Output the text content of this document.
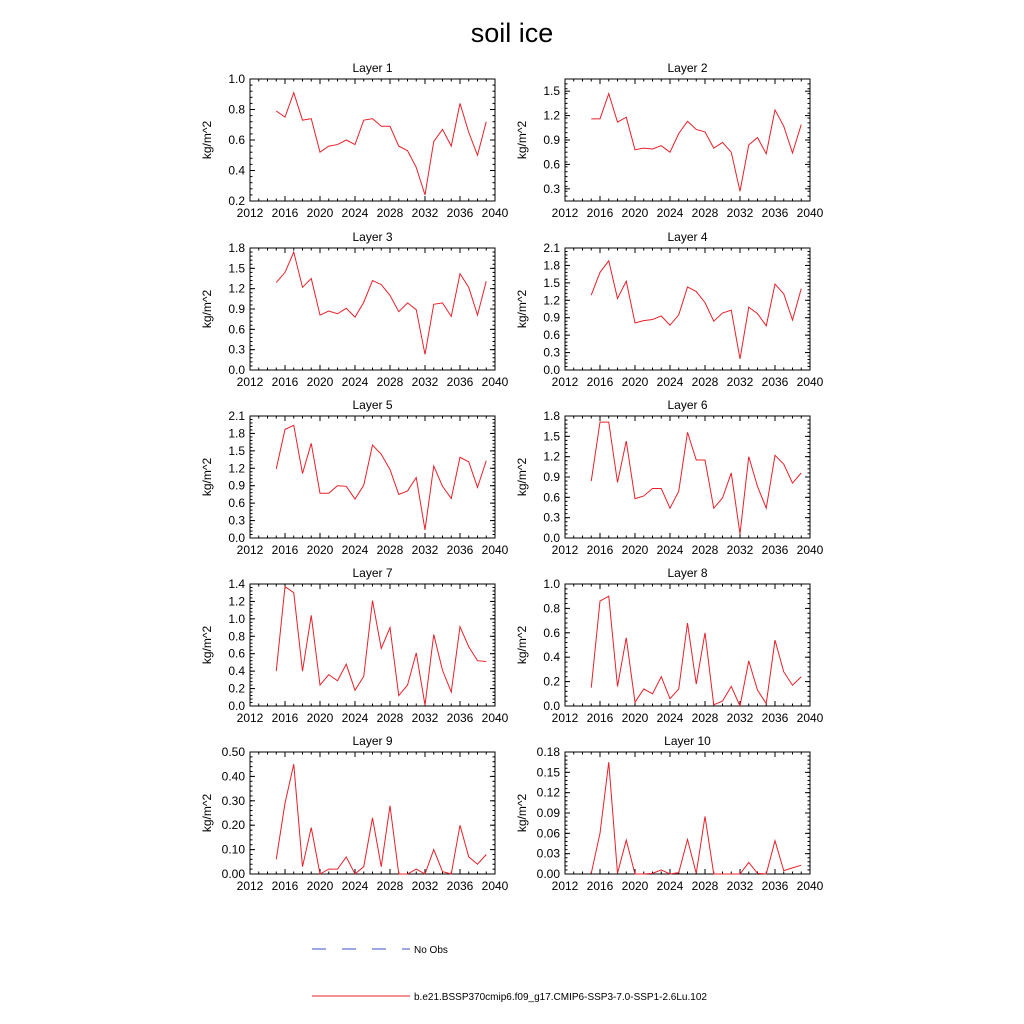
soil ice
Layer 1
kg/m^2
2012 2016 2020 2024 2028 2032 2036 2040
0.2
0.4
0.6
0.8
1.0
Layer 2
kg/m^2
2012 2016 2020 2024 2028 2032 2036 2040
0.3
0.6
0.9
1.2
1.5
Layer 3
kg/m^2
2012 2016 2020 2024 2028 2032 2036 2040
0.0
0.3
0.6
0.9
1.2
1.5
1.8
Layer 4
kg/m^2
2012 2016 2020 2024 2028 2032 2036 2040
0.0
0.3
0.6
0.9
1.2
1.5
1.8
2.1
Layer 5
kg/m^2
2012 2016 2020 2024 2028 2032 2036 2040
0.0
0.3
0.6
0.9
1.2
1.5
1.8
2.1
Layer 6
kg/m^2
2012 2016 2020 2024 2028 2032 2036 2040
0.0
0.3
0.6
0.9
1.2
1.5
1.8
Layer 7
kg/m^2
2012 2016 2020 2024 2028 2032 2036 2040
0.0
0.2
0.4
0.6
0.8
1.0
1.2
1.4
Layer 8
kg/m^2
2012 2016 2020 2024 2028 2032 2036 2040
0.0
0.2
0.4
0.6
0.8
1.0
Layer 9
kg/m^2
2012 2016 2020 2024 2028 2032 2036 2040
0.00
0.10
0.20
0.30
0.40
0.50
Layer 10
kg/m^2
2012 2016 2020 2024 2028 2032 2036 2040
0.00
0.03
0.06
0.09
0.12
0.15
0.18
No Obs
b.e21.BSSP370cmip6.f09_g17.CMIP6-SSP3-7.0-SSP1-2.6Lu.102
